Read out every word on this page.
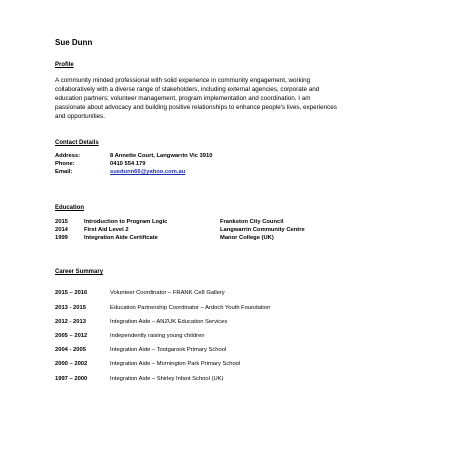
Sue Dunn
Profile
A community minded professional with solid experience in community engagement, working
collaboratively with a diverse range of stakeholders, including external agencies, corporate and
education partners; volunteer management, program implementation and coordination. I am
passionate about advocacy and building positive relationships to enhance people's lives, experiences
and opportunities.
Contact Details
Address:	8 Annette Court, Langwarrin Vic 3910
Phone:	0410 554 179
Email:	suedunn66@yahoo.com.au
Education
2015	Introduction to Program Logic	Frankston City Council
2014	First Aid Level 2	Langwarrin Community Centre
1999	Integration Aide Certificate	Manor College (UK)
Career Summary
2015 – 2016	Volunteer Coordinator – FRANK Ce8 Gallery
2013 - 2015	Education Partnership Coordinator – Ardoch Youth Foundation
2012 - 2013	Integration Aide – ANZUK Education Services
2005 – 2012	Independently raising young children
2004 - 2005	Integration Aide – Tootgarook Primary School
2000 – 2002	Integration Aide – Mornington Park Primary School
1997 – 2000	Integration Aide – Shirley Infant School (UK)
